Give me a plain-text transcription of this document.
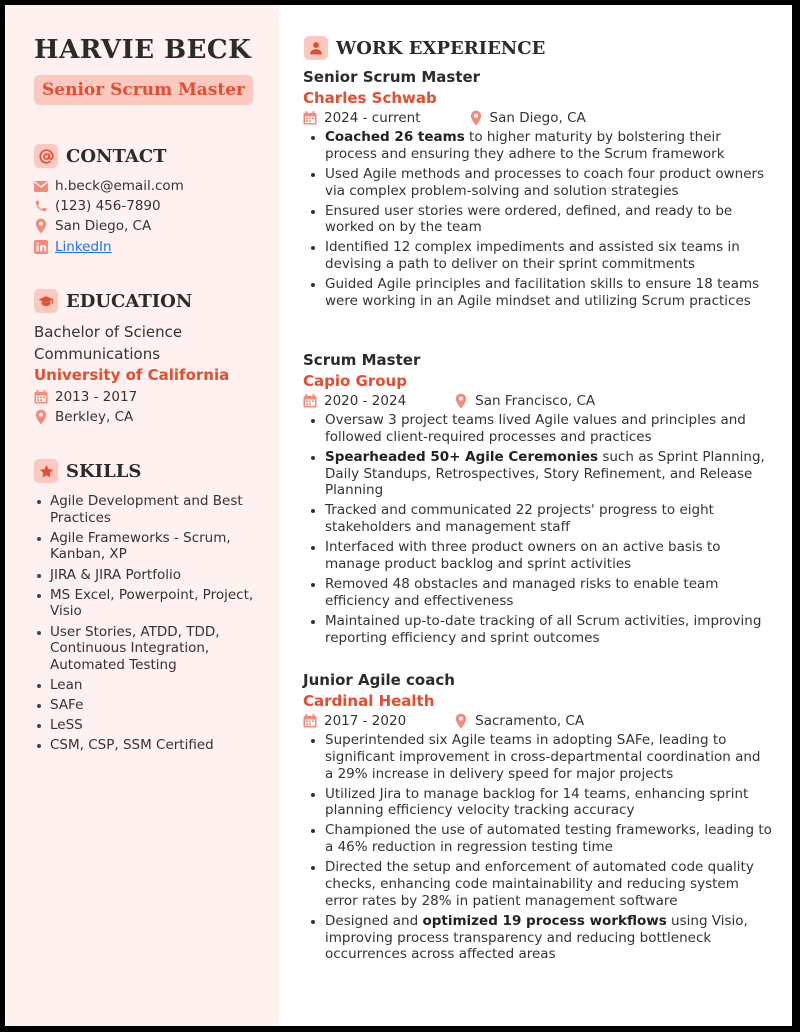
HARVIE BECK
Senior Scrum Master
CONTACT
h.beck@email.com
(123) 456-7890
San Diego, CA
LinkedIn
EDUCATION
Bachelor of Science
Communications
University of California
2013 - 2017
Berkley, CA
SKILLS
Agile Development and Best Practices
Agile Frameworks - Scrum, Kanban, XP
JIRA & JIRA Portfolio
MS Excel, Powerpoint, Project, Visio
User Stories, ATDD, TDD, Continuous Integration, Automated Testing
Lean
SAFe
LeSS
CSM, CSP, SSM Certified
WORK EXPERIENCE
Senior Scrum Master
Charles Schwab
2024 - current	San Diego, CA
Coached 26 teams to higher maturity by bolstering their process and ensuring they adhere to the Scrum framework
Used Agile methods and processes to coach four product owners via complex problem-solving and solution strategies
Ensured user stories were ordered, defined, and ready to be worked on by the team
Identified 12 complex impediments and assisted six teams in devising a path to deliver on their sprint commitments
Guided Agile principles and facilitation skills to ensure 18 teams were working in an Agile mindset and utilizing Scrum practices
Scrum Master
Capio Group
2020 - 2024	San Francisco, CA
Oversaw 3 project teams lived Agile values and principles and followed client-required processes and practices
Spearheaded 50+ Agile Ceremonies such as Sprint Planning, Daily Standups, Retrospectives, Story Refinement, and Release Planning
Tracked and communicated 22 projects' progress to eight stakeholders and management staff
Interfaced with three product owners on an active basis to manage product backlog and sprint activities
Removed 48 obstacles and managed risks to enable team efficiency and effectiveness
Maintained up-to-date tracking of all Scrum activities, improving reporting efficiency and sprint outcomes
Junior Agile coach
Cardinal Health
2017 - 2020	Sacramento, CA
Superintended six Agile teams in adopting SAFe, leading to significant improvement in cross-departmental coordination and a 29% increase in delivery speed for major projects
Utilized Jira to manage backlog for 14 teams, enhancing sprint planning efficiency velocity tracking accuracy
Championed the use of automated testing frameworks, leading to a 46% reduction in regression testing time
Directed the setup and enforcement of automated code quality checks, enhancing code maintainability and reducing system error rates by 28% in patient management software
Designed and optimized 19 process workflows using Visio, improving process transparency and reducing bottleneck occurrences across affected areas
